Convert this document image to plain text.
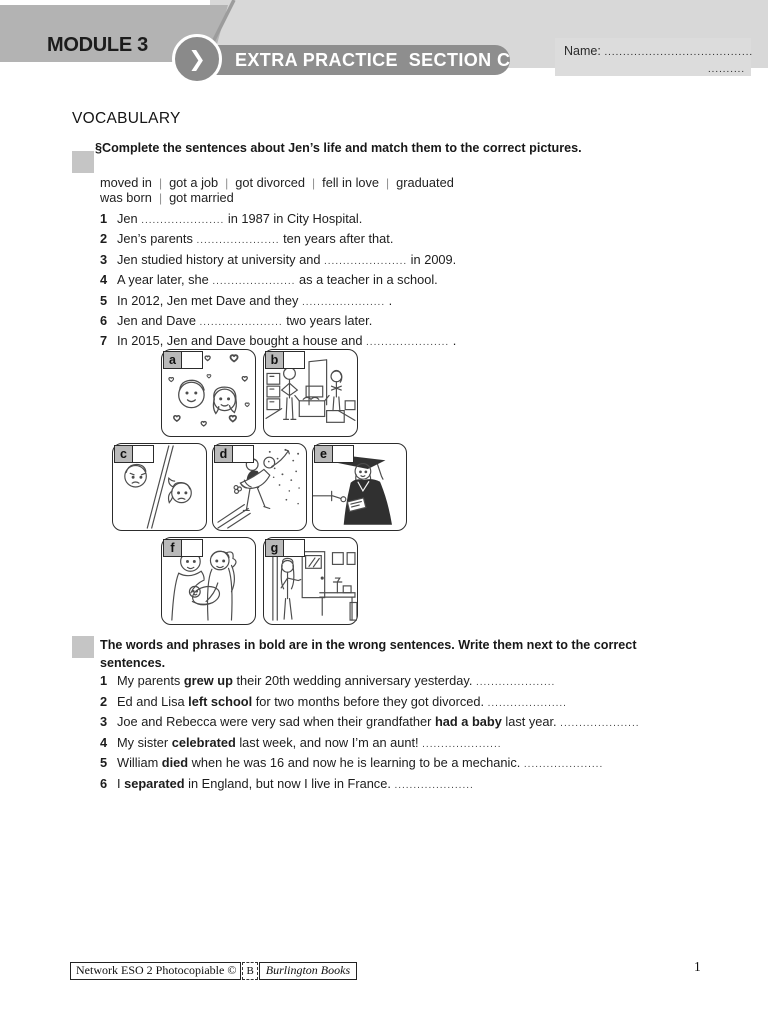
MODULE 3
EXTRA PRACTICE  SECTION C
❯	Name: ........................................
..........
VOCABULARY
§Complete the sentences about Jen’s life and match them to the correct pictures.
moved in | got a job | got divorced | fell in love | graduated
was born | got married
1 Jen ...................... in 1987 in City Hospital.
2 Jen’s parents ...................... ten years after that.
3 Jen studied history at university and ...................... in 2009.
4 A year later, she ...................... as a teacher in a school.
5 In 2012, Jen met Dave and they ...................... .
6 Jen and Dave ...................... two years later.
7 In 2015, Jen and Dave bought a house and ...................... .
a	b
c	d	e
f	g
The words and phrases in bold are in the wrong sentences. Write them next to the correct sentences.
1 My parents grew up their 20th wedding anniversary yesterday. .....................
2 Ed and Lisa left school for two months before they got divorced. .....................
3 Joe and Rebecca were very sad when their grandfather had a baby last year. .....................
4 My sister celebrated last week, and now I’m an aunt! .....................
5 William died when he was 16 and now he is learning to be a mechanic. .....................
6 I separated in England, but now I live in France. .....................
Network ESO 2 Photocopiable © B	Burlington Books	1
